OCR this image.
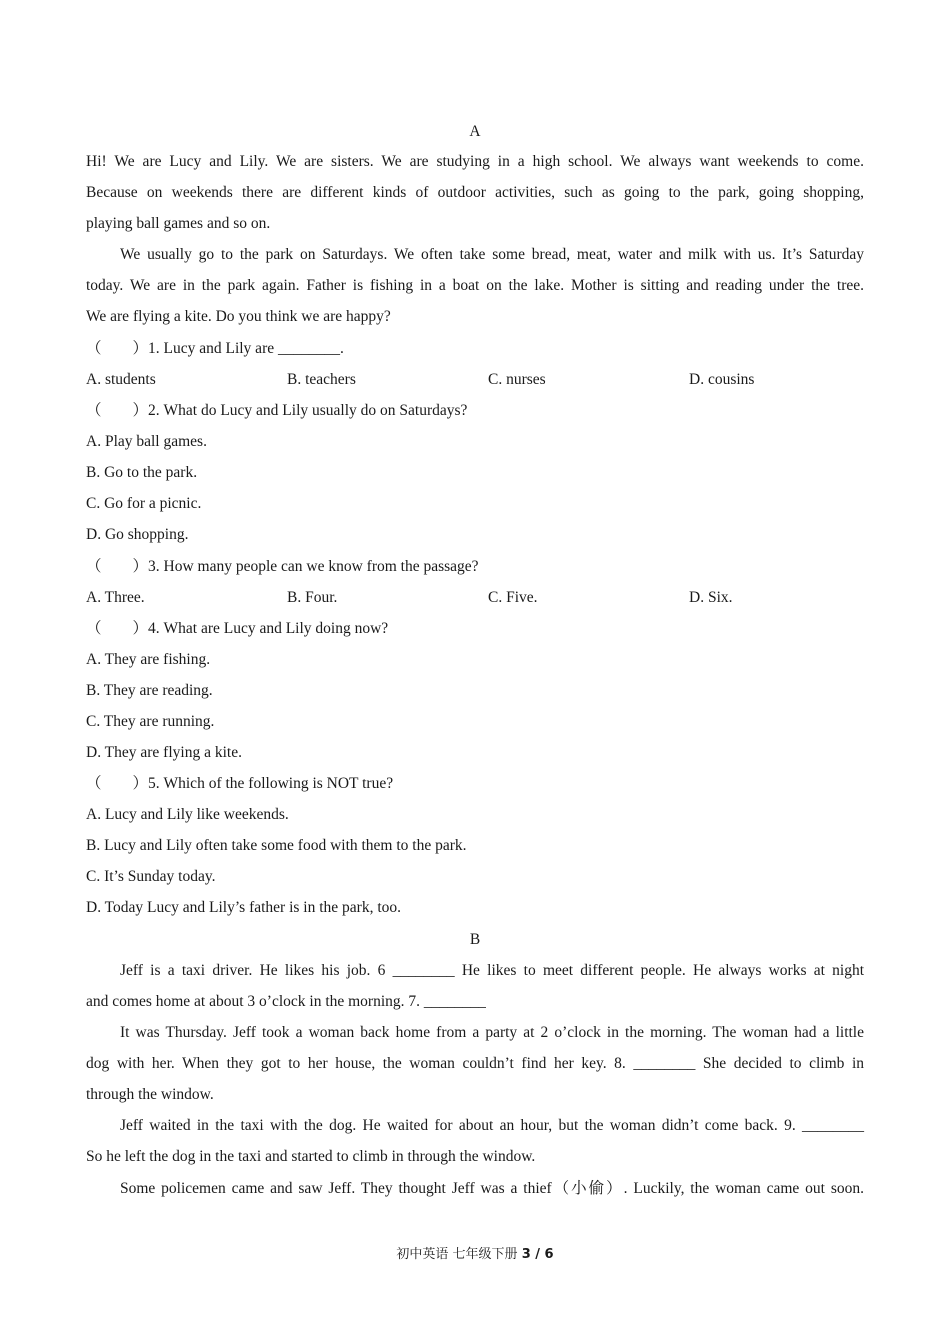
A
Hi! We are Lucy and Lily. We are sisters. We are studying in a high school. We always want weekends to come.
Because on weekends there are different kinds of outdoor activities, such as going to the park, going shopping,
playing ball games and so on.
We usually go to the park on Saturdays. We often take some bread, meat, water and milk with us. It’s Saturday
today. We are in the park again. Father is fishing in a boat on the lake. Mother is sitting and reading under the tree.
We are flying a kite. Do you think we are happy?
（　　）1. Lucy and Lily are ________.
A. students	B. teachers	C. nurses	D. cousins
（　　）2. What do Lucy and Lily usually do on Saturdays?
A. Play ball games.
B. Go to the park.
C. Go for a picnic.
D. Go shopping.
（　　）3. How many people can we know from the passage?
A. Three.	B. Four.	C. Five.	D. Six.
（　　）4. What are Lucy and Lily doing now?
A. They are fishing.
B. They are reading.
C. They are running.
D. They are flying a kite.
（　　）5. Which of the following is NOT true?
A. Lucy and Lily like weekends.
B. Lucy and Lily often take some food with them to the park.
C. It’s Sunday today.
D. Today Lucy and Lily’s father is in the park, too.
B
Jeff is a taxi driver. He likes his job. 6 ________ He likes to meet different people. He always works at night
and comes home at about 3 o’clock in the morning. 7. ________
It was Thursday. Jeff took a woman back home from a party at 2 o’clock in the morning. The woman had a little
dog with her. When they got to her house, the woman couldn’t find her key. 8. ________ She decided to climb in
through the window.
Jeff waited in the taxi with the dog. He waited for about an hour, but the woman didn’t come back. 9. ________
So he left the dog in the taxi and started to climb in through the window.
Some policemen came and saw Jeff. They thought Jeff was a thief（小偷）. Luckily, the woman came out soon.
初中英语 七年级下册 3 / 6
